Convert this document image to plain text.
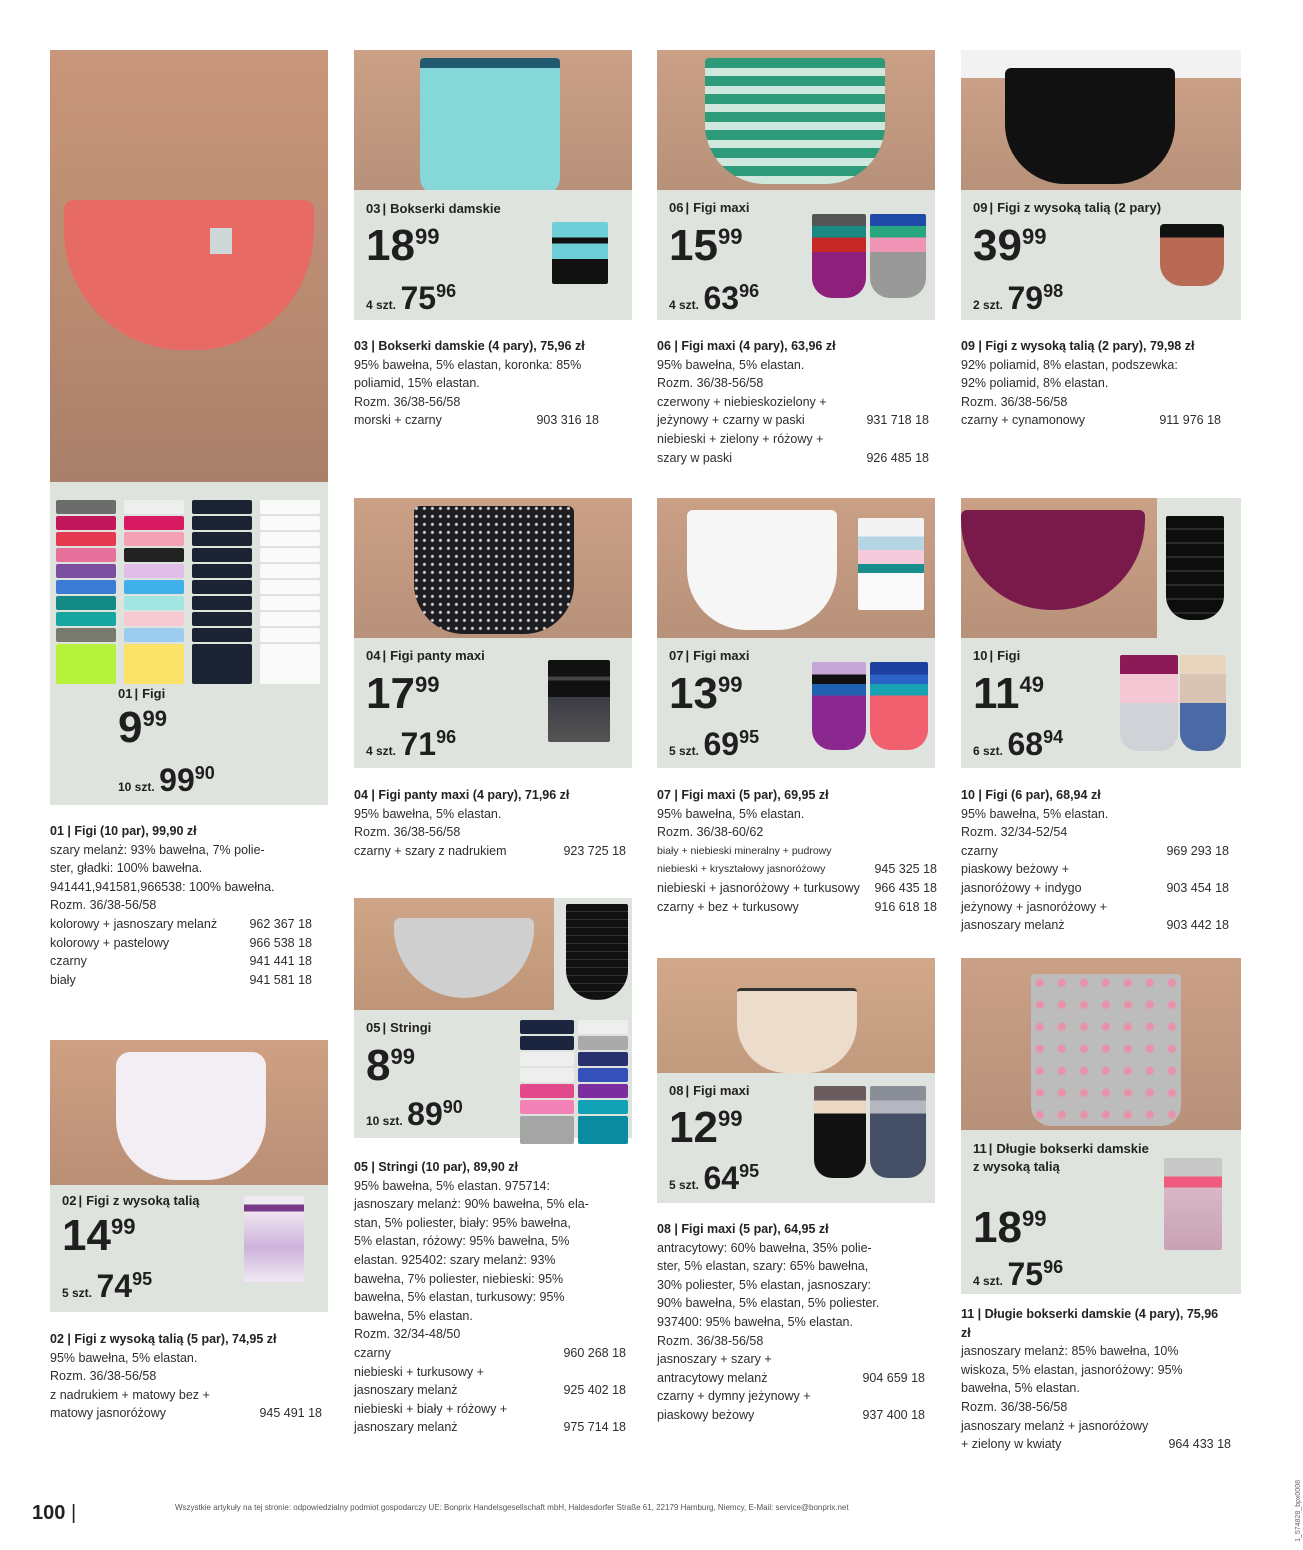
01 | Figi
999
10 szt. 9990
01 | Figi (10 par), 99,90 zł
szary melanż: 93% bawełna, 7% polie-
ster, gładki: 100% bawełna.
941441,941581,966538: 100% bawełna.
Rozm. 36/38-56/58
kolorowy + jasnoszary melanż	962 367 18
kolorowy + pastelowy	966 538 18
czarny	941 441 18
biały	941 581 18
02 | Figi z wysoką talią
1499
5 szt. 7495
02 | Figi z wysoką talią (5 par), 74,95 zł
95% bawełna, 5% elastan.
Rozm. 36/38-56/58
z nadrukiem + matowy bez + matowy jasnoróżowy	945 491 18
03 | Bokserki damskie
1899
4 szt. 7596
03 | Bokserki damskie (4 pary), 75,96 zł
95% bawełna, 5% elastan, koronka: 85%
poliamid, 15% elastan.
Rozm. 36/38-56/58
morski + czarny	903 316 18
04 | Figi panty maxi
1799
4 szt. 7196
04 | Figi panty maxi (4 pary), 71,96 zł
95% bawełna, 5% elastan.
Rozm. 36/38-56/58
czarny + szary z nadrukiem	923 725 18
05 | Stringi
899
10 szt. 8990
05 | Stringi (10 par), 89,90 zł
95% bawełna, 5% elastan. 975714:
jasnoszary melanż: 90% bawełna, 5% ela-
stan, 5% poliester, biały: 95% bawełna,
5% elastan, różowy: 95% bawełna, 5%
elastan. 925402: szary melanż: 93%
bawełna, 7% poliester, niebieski: 95%
bawełna, 5% elastan, turkusowy: 95%
bawełna, 5% elastan.
Rozm. 32/34-48/50
czarny	960 268 18
niebieski + turkusowy + jasnoszary melanż	925 402 18
niebieski + biały + różowy + jasnoszary melanż	975 714 18
06 | Figi maxi
1599
4 szt. 6396
06 | Figi maxi (4 pary), 63,96 zł
95% bawełna, 5% elastan.
Rozm. 36/38-56/58
czerwony + niebieskozielony + jeżynowy + czarny w paski	931 718 18
niebieski + zielony + różowy + szary w paski	926 485 18
07 | Figi maxi
1399
5 szt. 6995
07 | Figi maxi (5 par), 69,95 zł
95% bawełna, 5% elastan.
Rozm. 36/38-60/62
biały + niebieski mineralny + pudrowy niebieski + kryształowy jasnoróżowy	945 325 18
niebieski + jasnoróżowy + turkusowy	966 435 18
czarny + bez + turkusowy	916 618 18
08 | Figi maxi
1299
5 szt. 6495
08 | Figi maxi (5 par), 64,95 zł
antracytowy: 60% bawełna, 35% polie-
ster, 5% elastan, szary: 65% bawełna,
30% poliester, 5% elastan, jasnoszary:
90% bawełna, 5% elastan, 5% poliester.
937400: 95% bawełna, 5% elastan.
Rozm. 36/38-56/58
jasnoszary + szary + antracytowy melanż	904 659 18
czarny + dymny jeżynowy + piaskowy beżowy	937 400 18
09 | Figi z wysoką talią (2 pary)
3999
2 szt. 7998
09 | Figi z wysoką talią (2 pary), 79,98 zł
92% poliamid, 8% elastan, podszewka:
92% poliamid, 8% elastan.
Rozm. 36/38-56/58
czarny + cynamonowy	911 976 18
10 | Figi
1149
6 szt. 6894
10 | Figi (6 par), 68,94 zł
95% bawełna, 5% elastan.
Rozm. 32/34-52/54
czarny	969 293 18
piaskowy beżowy + jasnoróżowy + indygo	903 454 18
jeżynowy + jasnoróżowy + jasnoszary melanż	903 442 18
11 | Długie bokserki damskie z wysoką talią
1899
4 szt. 7596
11 | Długie bokserki damskie (4 pary), 75,96 zł
jasnoszary melanż: 85% bawełna, 10%
wiskoza, 5% elastan, jasnoróżowy: 95%
bawełna, 5% elastan.
Rozm. 36/38-56/58
jasnoszary melanż + jasnoróżowy + zielony w kwiaty	964 433 18
100 |	Wszystkie artykuły na tej stronie: odpowiedzialny podmiot gospodarczy UE: Bonprix Handelsgesellschaft mbH, Haldesdorfer Straße 61, 22179 Hamburg, Niemcy, E-Mail: service@bonprix.net	1_574828_bpx0008
